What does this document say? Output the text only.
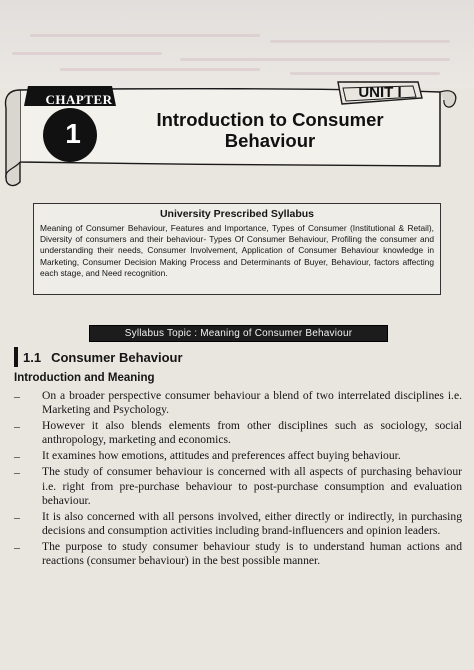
CHAPTER
1
UNIT I
Introduction to Consumer
Behaviour
University Prescribed Syllabus

Meaning of Consumer Behaviour, Features and Importance, Types of Consumer (Institutional & Retail), Diversity of consumers and their behaviour- Types Of Consumer Behaviour, Profiling the consumer and understanding their needs, Consumer Involvement, Application of Consumer Behaviour knowledge in Marketing, Consumer Decision Making Process and Determinants of Buyer, Behaviour, factors affecting each stage, and Need recognition.

Syllabus Topic : Meaning of Consumer Behaviour
1.1 Consumer Behaviour
Introduction and Meaning
– On a broader perspective consumer behaviour a blend of two interrelated disciplines i.e. Marketing and Psychology.
– However it also blends elements from other disciplines such as sociology, social anthropology, marketing and economics.
– It examines how emotions, attitudes and preferences affect buying behaviour.
– The study of consumer behaviour is concerned with all aspects of purchasing behaviour i.e. right from pre-purchase behaviour to post-purchase consumption and evaluation behaviour.
– It is also concerned with all persons involved, either directly or indirectly, in purchasing decisions and consumption activities including brand-influencers and opinion leaders.
– The purpose to study consumer behaviour study is to understand human actions and reactions (consumer behaviour) in the best possible manner.
